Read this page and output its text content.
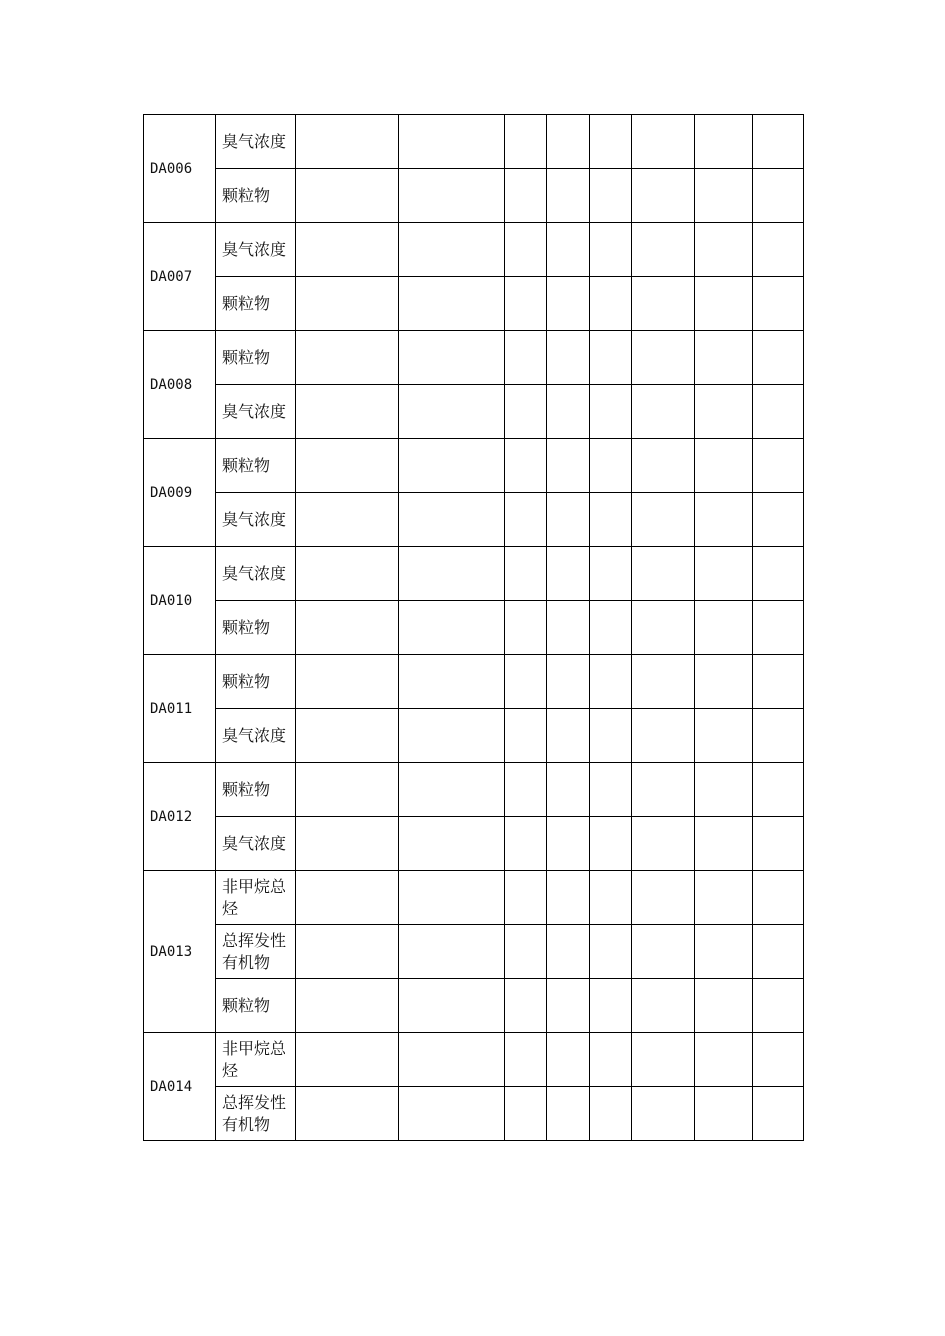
DA006	臭气浓度								
	颗粒物								
DA007	臭气浓度								
	颗粒物								
DA008	颗粒物								
	臭气浓度								
DA009	颗粒物								
	臭气浓度								
DA010	臭气浓度								
	颗粒物								
DA011	颗粒物								
	臭气浓度								
DA012	颗粒物								
	臭气浓度								
DA013	非甲烷总烃								
	总挥发性有机物								
	颗粒物								
DA014	非甲烷总烃								
	总挥发性有机物								
